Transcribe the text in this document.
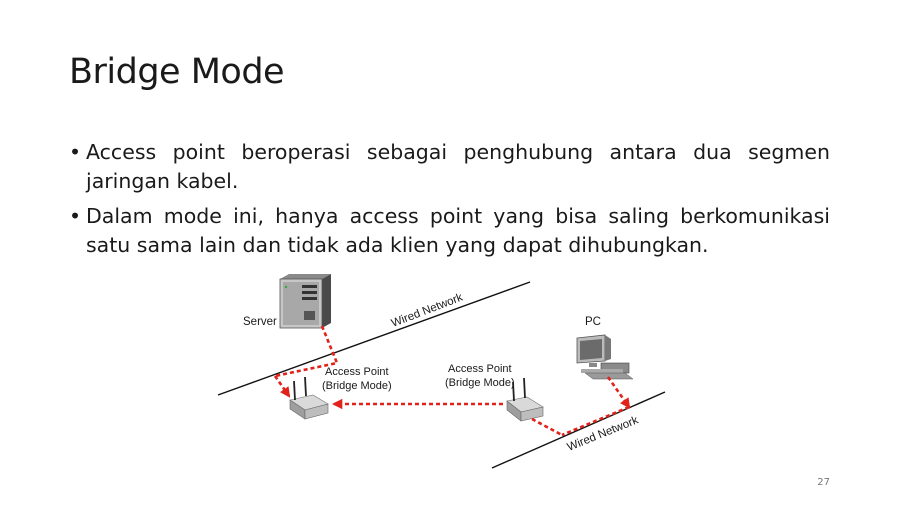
Bridge Mode
• Access point beroperasi sebagai penghubung antara dua segmen jaringan kabel.
• Dalam mode ini, hanya access point yang bisa saling berkomunikasi satu sama lain dan tidak ada klien yang dapat dihubungkan.
Server	PC
Wired Network
Wired Network
Access Point
(Bridge Mode)
Access Point
(Bridge Mode)
27
